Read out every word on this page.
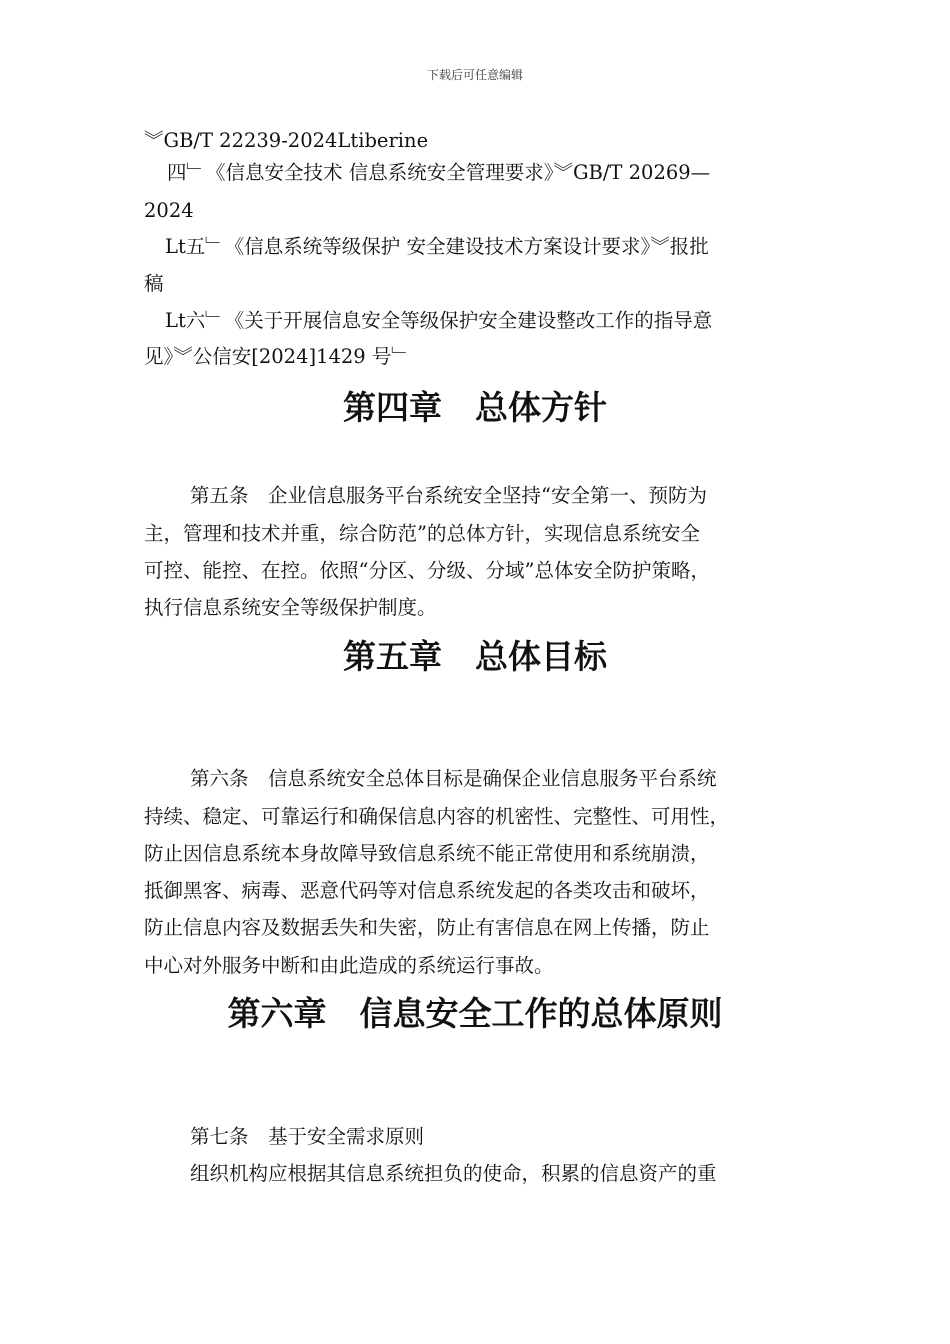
下载后可任意编辑
︾GB/T 22239-2024Ltiberine
四﹂《信息安全技术 信息系统安全管理要求》︾GB/T 20269—
2024
Lt五﹂《信息系统等级保护 安全建设技术方案设计要求》︾报批
稿
Lt六﹂《关于开展信息安全等级保护安全建设整改工作的指导意
见》︾公信安[2024]1429 号﹂
第四章　总体方针
第五条　企业信息服务平台系统安全坚持“安全第一、预防为
主，管理和技术并重，综合防范”的总体方针，实现信息系统安全
可控、能控、在控。依照“分区、分级、分域”总体安全防护策略，
执行信息系统安全等级保护制度。
第五章　总体目标
第六条　信息系统安全总体目标是确保企业信息服务平台系统
持续、稳定、可靠运行和确保信息内容的机密性、完整性、可用性，
防止因信息系统本身故障导致信息系统不能正常使用和系统崩溃，
抵御黑客、病毒、恶意代码等对信息系统发起的各类攻击和破坏，
防止信息内容及数据丢失和失密，防止有害信息在网上传播，防止
中心对外服务中断和由此造成的系统运行事故。
第六章　信息安全工作的总体原则
第七条　基于安全需求原则
组织机构应根据其信息系统担负的使命，积累的信息资产的重
